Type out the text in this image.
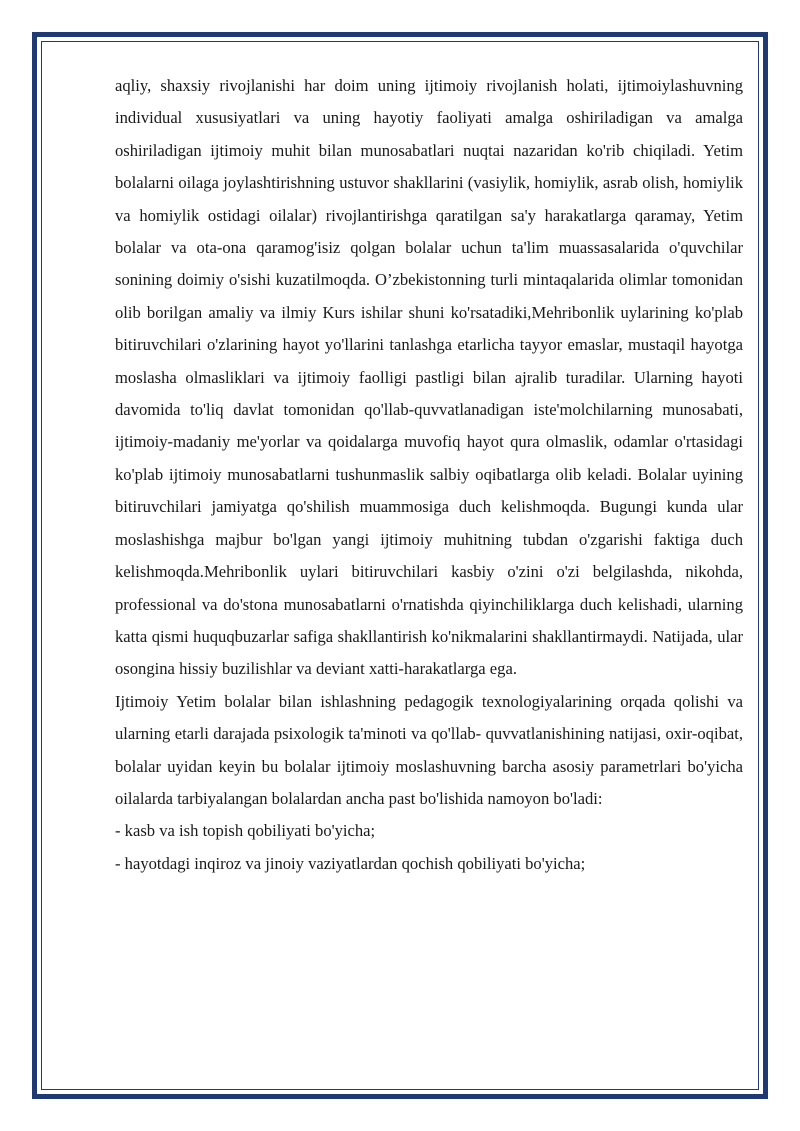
aqliy, shaxsiy rivojlanishi har doim uning ijtimoiy rivojlanish holati, ijtimoiylashuvning individual xususiyatlari va uning hayotiy faoliyati amalga oshiriladigan va amalga oshiriladigan ijtimoiy muhit bilan munosabatlari nuqtai nazaridan ko'rib chiqiladi. Yetim bolalarni oilaga joylashtirishning ustuvor shakllarini (vasiylik, homiylik, asrab olish, homiylik va homiylik ostidagi oilalar) rivojlantirishga qaratilgan sa'y harakatlarga qaramay, Yetim bolalar va ota-ona qaramog'isiz qolgan bolalar uchun ta'lim muassasalarida o'quvchilar sonining doimiy o'sishi kuzatilmoqda. O’zbekistonning turli mintaqalarida olimlar tomonidan olib borilgan amaliy va ilmiy Kurs ishilar shuni ko'rsatadiki,Mehribonlik uylarining ko'plab bitiruvchilari o'zlarining hayot yo'llarini tanlashga etarlicha tayyor emaslar, mustaqil hayotga moslasha olmasliklari va ijtimoiy faolligi pastligi bilan ajralib turadilar. Ularning hayoti davomida to'liq davlat tomonidan qo'llab-quvvatlanadigan iste'molchilarning munosabati, ijtimoiy-madaniy me'yorlar va qoidalarga muvofiq hayot qura olmaslik, odamlar o'rtasidagi ko'plab ijtimoiy munosabatlarni tushunmaslik salbiy oqibatlarga olib keladi. Bolalar uyining bitiruvchilari jamiyatga qo'shilish muammosiga duch kelishmoqda. Bugungi kunda ular moslashishga majbur bo'lgan yangi ijtimoiy muhitning tubdan o'zgarishi faktiga duch kelishmoqda.Mehribonlik uylari bitiruvchilari kasbiy o'zini o'zi belgilashda, nikohda, professional va do'stona munosabatlarni o'rnatishda qiyinchiliklarga duch kelishadi, ularning katta qismi huquqbuzarlar safiga shakllantirish ko'nikmalarini shakllantirmaydi. Natijada, ular osongina hissiy buzilishlar va deviant xatti-harakatlarga ega.

Ijtimoiy Yetim bolalar bilan ishlashning pedagogik texnologiyalarining orqada qolishi va ularning etarli darajada psixologik ta'minoti va qo'llab- quvvatlanishining natijasi, oxir-oqibat, bolalar uyidan keyin bu bolalar ijtimoiy moslashuvning barcha asosiy parametrlari bo'yicha oilalarda tarbiyalangan bolalardan ancha past bo'lishida namoyon bo'ladi:

- kasb va ish topish qobiliyati bo'yicha;

- hayotdagi inqiroz va jinoiy vaziyatlardan qochish qobiliyati bo'yicha;
